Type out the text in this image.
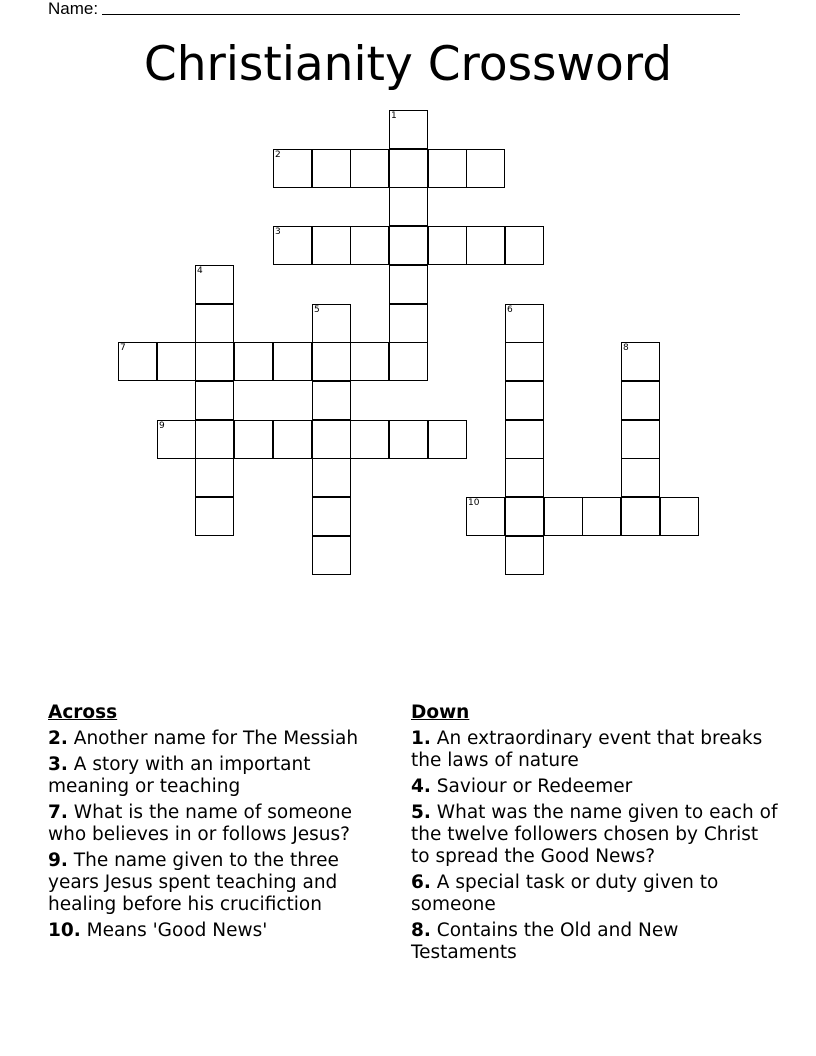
Name:
Christianity Crossword
1
2
3
4
5	6
7	8
9
10
Across
2. Another name for The Messiah
3. A story with an important meaning or teaching
7. What is the name of someone who believes in or follows Jesus?
9. The name given to the three years Jesus spent teaching and healing before his crucifiction
10. Means 'Good News'
Down
1. An extraordinary event that breaks the laws of nature
4. Saviour or Redeemer
5. What was the name given to each of the twelve followers chosen by Christ to spread the Good News?
6. A special task or duty given to someone
8. Contains the Old and New Testaments
